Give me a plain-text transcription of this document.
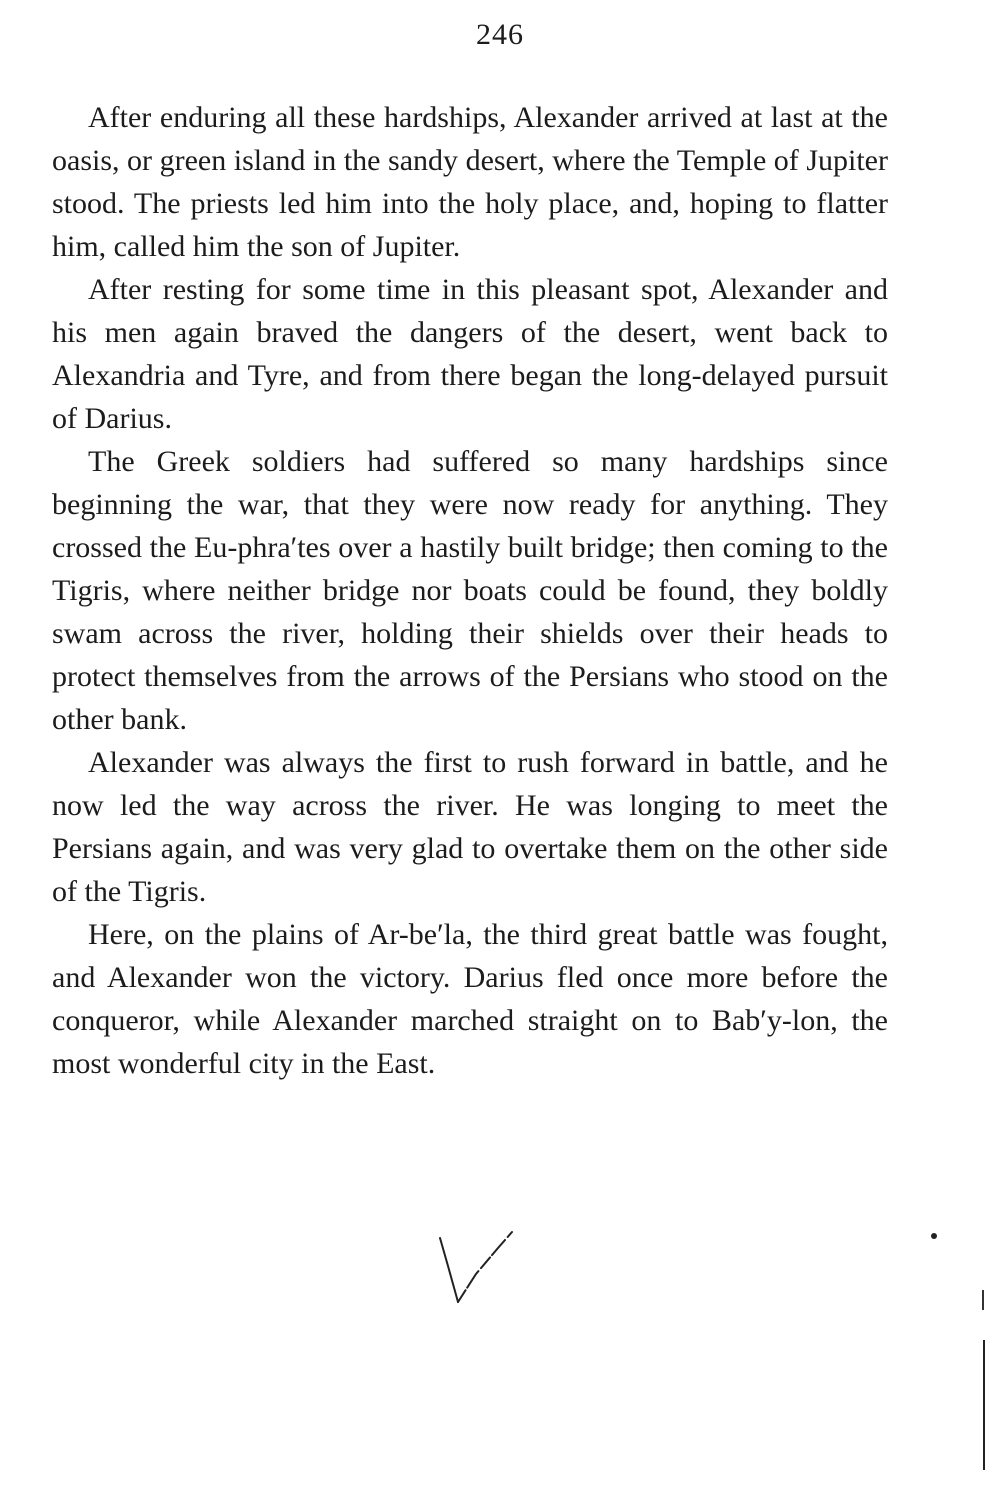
246

After enduring all these hardships, Alexander arrived at last at the oasis, or green island in the sandy desert, where the Temple of Jupiter stood. The priests led him into the holy place, and, hoping to flatter him, called him the son of Jupiter.

After resting for some time in this pleasant spot, Alexander and his men again braved the dangers of the desert, went back to Alexandria and Tyre, and from there began the long-delayed pursuit of Darius.

The Greek soldiers had suffered so many hardships since beginning the war, that they were now ready for anything. They crossed the Eu-phra′tes over a hastily built bridge; then coming to the Tigris, where neither bridge nor boats could be found, they boldly swam across the river, holding their shields over their heads to protect themselves from the arrows of the Persians who stood on the other bank.

Alexander was always the first to rush forward in battle, and he now led the way across the river. He was longing to meet the Persians again, and was very glad to overtake them on the other side of the Tigris.

Here, on the plains of Ar-be′la, the third great battle was fought, and Alexander won the victory. Darius fled once more before the conqueror, while Alexander marched straight on to Bab′y-lon, the most wonderful city in the East.
